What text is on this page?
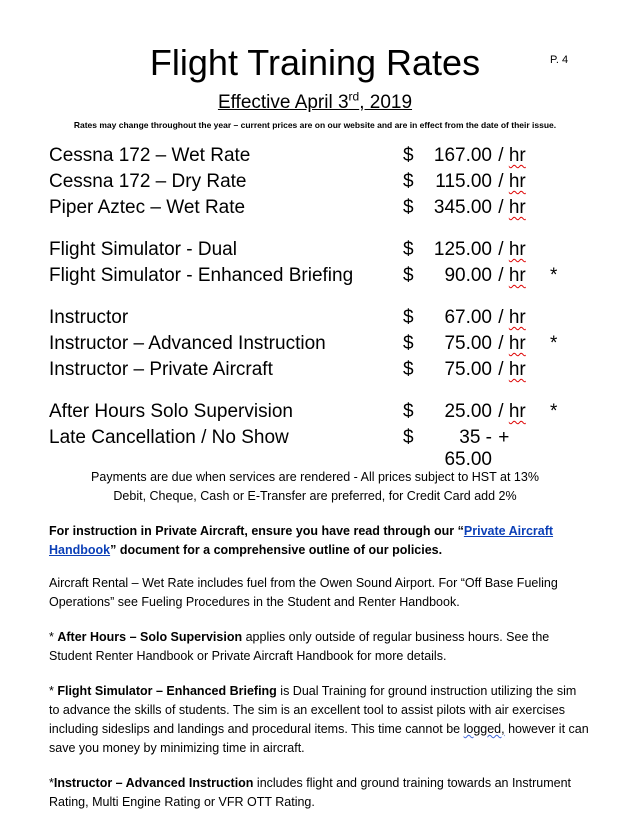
P. 4
Flight Training Rates
Effective April 3rd, 2019
Rates may change throughout the year – current prices are on our website and are in effect from the date of their issue.
Cessna 172 – Wet Rate	$	167.00 / hr
Cessna 172 – Dry Rate	$	115.00 / hr
Piper Aztec – Wet Rate	$	345.00 / hr
Flight Simulator - Dual	$	125.00 / hr
Flight Simulator - Enhanced Briefing	$	90.00 / hr *
Instructor	$	67.00 / hr
Instructor – Advanced Instruction	$	75.00 / hr *
Instructor – Private Aircraft	$	75.00 / hr
After Hours Solo Supervision	$	25.00 / hr *
Late Cancellation / No Show	$	35 - 65.00
+
Payments are due when services are rendered - All prices subject to HST at 13%
Debit, Cheque, Cash or E-Transfer are preferred, for Credit Card add 2%
For instruction in Private Aircraft, ensure you have read through our “Private Aircraft Handbook” document for a comprehensive outline of our policies.
Aircraft Rental – Wet Rate includes fuel from the Owen Sound Airport. For “Off Base Fueling Operations” see Fueling Procedures in the Student and Renter Handbook.
* After Hours – Solo Supervision applies only outside of regular business hours. See the Student Renter Handbook or Private Aircraft Handbook for more details.
* Flight Simulator – Enhanced Briefing is Dual Training for ground instruction utilizing the sim to advance the skills of students. The sim is an excellent tool to assist pilots with air exercises including sideslips and landings and procedural items. This time cannot be logged, however it can save you money by minimizing time in aircraft.
*Instructor – Advanced Instruction includes flight and ground training towards an Instrument Rating, Multi Engine Rating or VFR OTT Rating.
